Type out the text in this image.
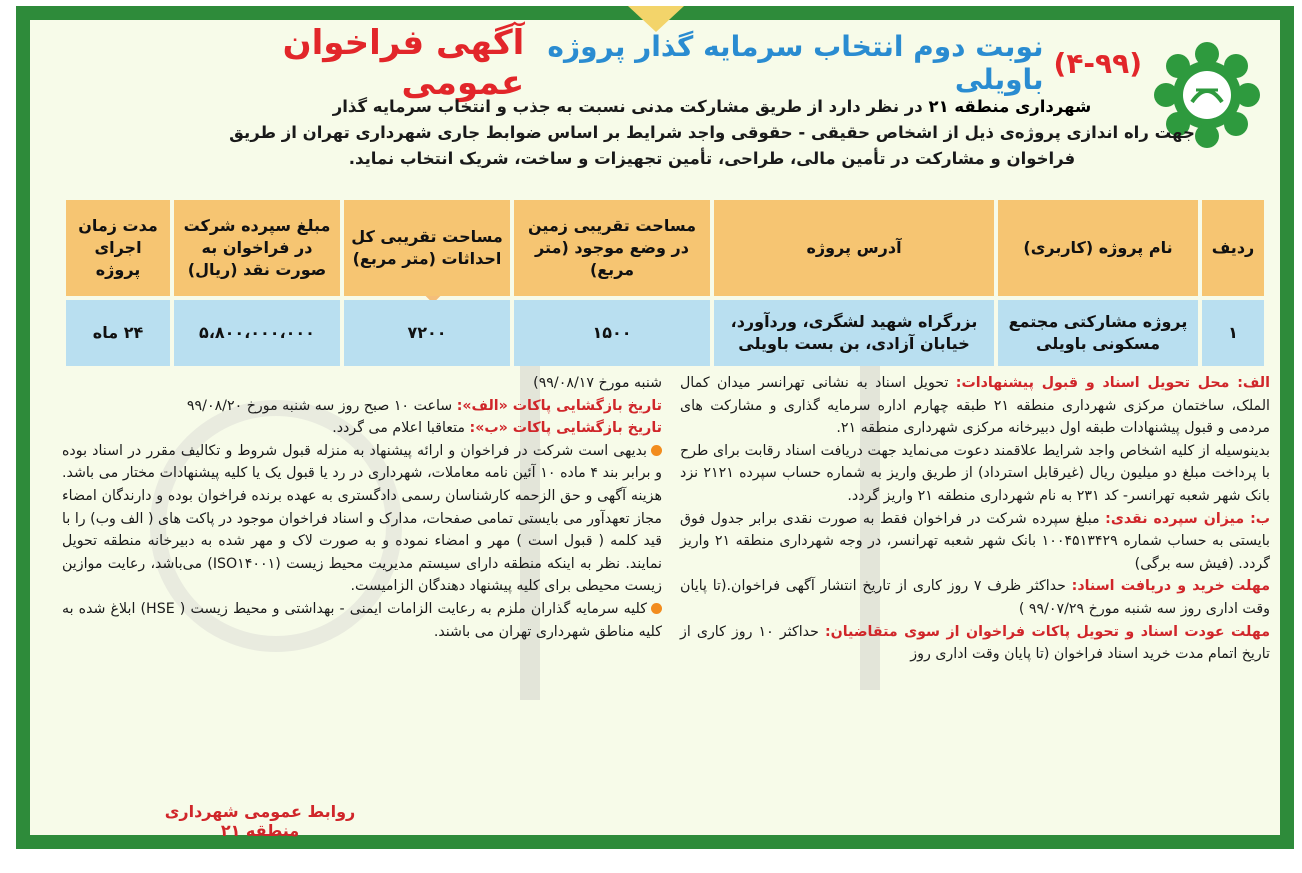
آگهی فراخوان عمومی
نوبت دوم انتخاب سرمایه گذار پروژه باویلی (۴-۹۹)
شهرداری منطقه ۲۱ در نظر دارد از طریق مشارکت مدنی نسبت به جذب و انتخاب سرمایه گذار
جهت راه اندازی پروژه‌ی ذیل از اشخاص حقیقی - حقوقی واجد شرایط بر اساس ضوابط جاری شهرداری تهران از طریق
فراخوان و مشارکت در تأمین مالی، طراحی، تأمین تجهیزات و ساخت، شریک انتخاب نماید.
ردیف	نام پروژه (کاربری)	آدرس پروژه	مساحت تقریبی زمین در وضع موجود (متر مربع)	مساحت تقریبی کل احداثات (متر مربع)	مبلغ سپرده شرکت در فراخوان به صورت نقد (ریال)	مدت زمان اجرای پروژه
۱	پروژه مشارکتی مجتمع مسکونی باویلی	بزرگراه شهید لشگری، وردآورد، خیابان آزادی، بن بست باویلی	۱۵۰۰	۷۲۰۰	۵،۸۰۰،۰۰۰،۰۰۰	۲۴ ماه
الف: محل تحویل اسناد و قبول پیشنهادات: تحویل اسناد به نشانی تهرانسر میدان کمال الملک، ساختمان مرکزی شهرداری منطقه ۲۱ طبقه چهارم اداره سرمایه گذاری و مشارکت های مردمی و قبول پیشنهادات طبقه اول دبیرخانه مرکزی شهرداری منطقه ۲۱.
بدینوسیله از کلیه اشخاص واجد شرایط علاقمند دعوت می‌نماید جهت دریافت اسناد رقابت برای طرح با پرداخت مبلغ دو میلیون ریال (غیرقابل استرداد) از طریق واریز به شماره حساب سپرده ۲۱۲۱ نزد بانک شهر شعبه تهرانسر- کد ۲۳۱ به نام شهرداری منطقه ۲۱ واریز گردد.
ب: میزان سپرده نقدی: مبلغ سپرده شرکت در فراخوان فقط به صورت نقدی برابر جدول فوق بایستی به حساب شماره ۱۰۰۴۵۱۳۴۲۹ بانک شهر شعبه تهرانسر، در وجه شهرداری منطقه ۲۱ واریز گردد. (فیش سه برگی)
مهلت خرید و دریافت اسناد: حداکثر ظرف ۷ روز کاری از تاریخ انتشار آگهی فراخوان.(تا پایان وقت اداری روز سه شنبه مورخ ۹۹/۰۷/۲۹ )
مهلت عودت اسناد و تحویل پاکات فراخوان از سوی متقاضیان: حداکثر ۱۰ روز کاری از تاریخ اتمام مدت خرید اسناد فراخوان (تا پایان وقت اداری روز
شنبه مورخ ۹۹/۰۸/۱۷)
تاریخ بازگشایی پاکات «الف»: ساعت ۱۰ صبح روز سه شنبه مورخ ۹۹/۰۸/۲۰
تاریخ بازگشایی پاکات «ب»: متعاقبا اعلام می گردد.
بدیهی است شرکت در فراخوان و ارائه پیشنهاد به منزله قبول شروط و تکالیف مقرر در اسناد بوده و برابر بند ۴ ماده ۱۰ آئین نامه معاملات، شهرداری در رد یا قبول یک یا کلیه پیشنهادات مختار می باشد. هزینه آگهی و حق الزحمه کارشناسان رسمی دادگستری به عهده برنده فراخوان بوده و دارندگان امضاء مجاز تعهدآور می بایستی تمامی صفحات، مدارک و اسناد فراخوان موجود در پاکت های ( الف وب) را با قید کلمه ( قبول است ) مهر و امضاء نموده و به صورت لاک و مهر شده به دبیرخانه منطقه تحویل نمایند. نظر به اینکه منطقه دارای سیستم مدیریت محیط زیست (ISO۱۴۰۰۱) می‌باشد، رعایت موازین زیست محیطی برای کلیه پیشنهاد دهندگان الزامیست.
کلیه سرمایه گذاران ملزم به رعایت الزامات ایمنی - بهداشتی و محیط زیست ( HSE) ابلاغ شده به کلیه مناطق شهرداری تهران می باشند.
روابط عمومی شهرداری منطقه ۲۱
